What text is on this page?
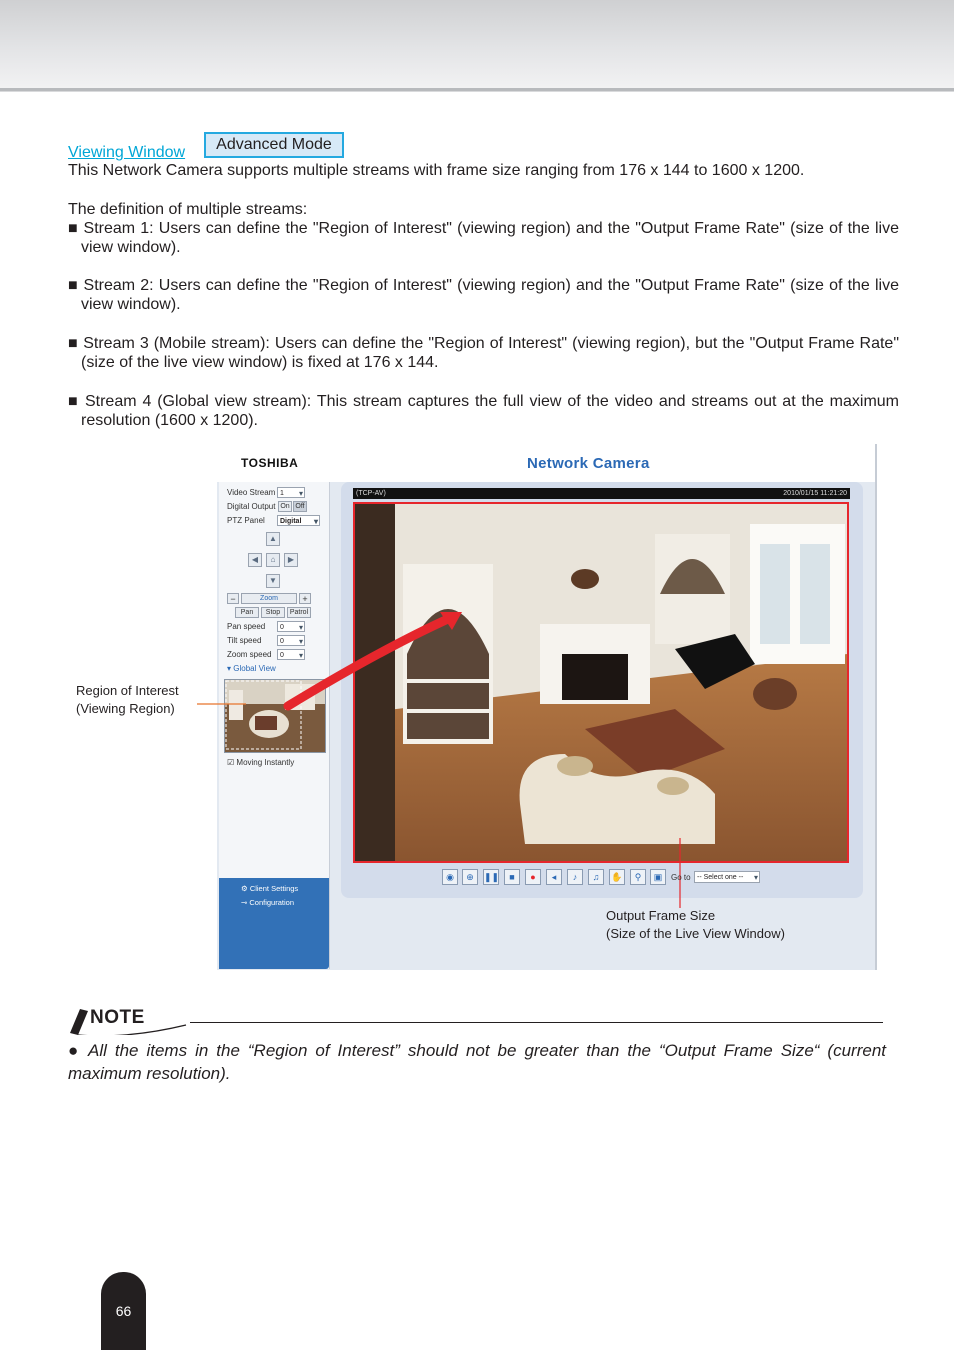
Viewing Window	Advanced Mode
This Network Camera supports multiple streams with frame size ranging from 176 x 144 to 1600 x 1200.
The definition of multiple streams:
■ Stream 1: Users can define the "Region of Interest" (viewing region) and the "Output Frame Rate" (size of the live view window).
■ Stream 2: Users can define the "Region of Interest" (viewing region) and the "Output Frame Rate" (size of the live view window).
■ Stream 3 (Mobile stream): Users can define the "Region of Interest" (viewing region), but the "Output Frame Rate" (size of the live view window) is fixed at 176 x 144.
■ Stream 4 (Global view stream): This stream captures the full view of the video and streams out at the maximum resolution (1600 x 1200).
TOSHIBA	Network Camera
Video Stream 1 ▾
Digital Output On Off
PTZ Panel	Digital ▾
▲
◀	⌂	▶
▼
−	Zoom	+
Pan	Stop	Patrol
Pan speed	0 ▾
Tilt speed	0 ▾
Zoom speed	0 ▾
▾ Global View
☑ Moving Instantly
⚙ Client Settings
⊸ Configuration
(TCP-AV)	2010/01/15 11:21:20
◉	⊕	❚❚	■	●	◂	♪	♫	✋	⚲	▣	Go to -- Select one -- ▾
Region of Interest
(Viewing Region)
Output Frame Size
(Size of the Live View Window)
NOTE
● All the items in the “Region of Interest” should not be greater than the “Output Frame Size“ (current maximum resolution).
66
